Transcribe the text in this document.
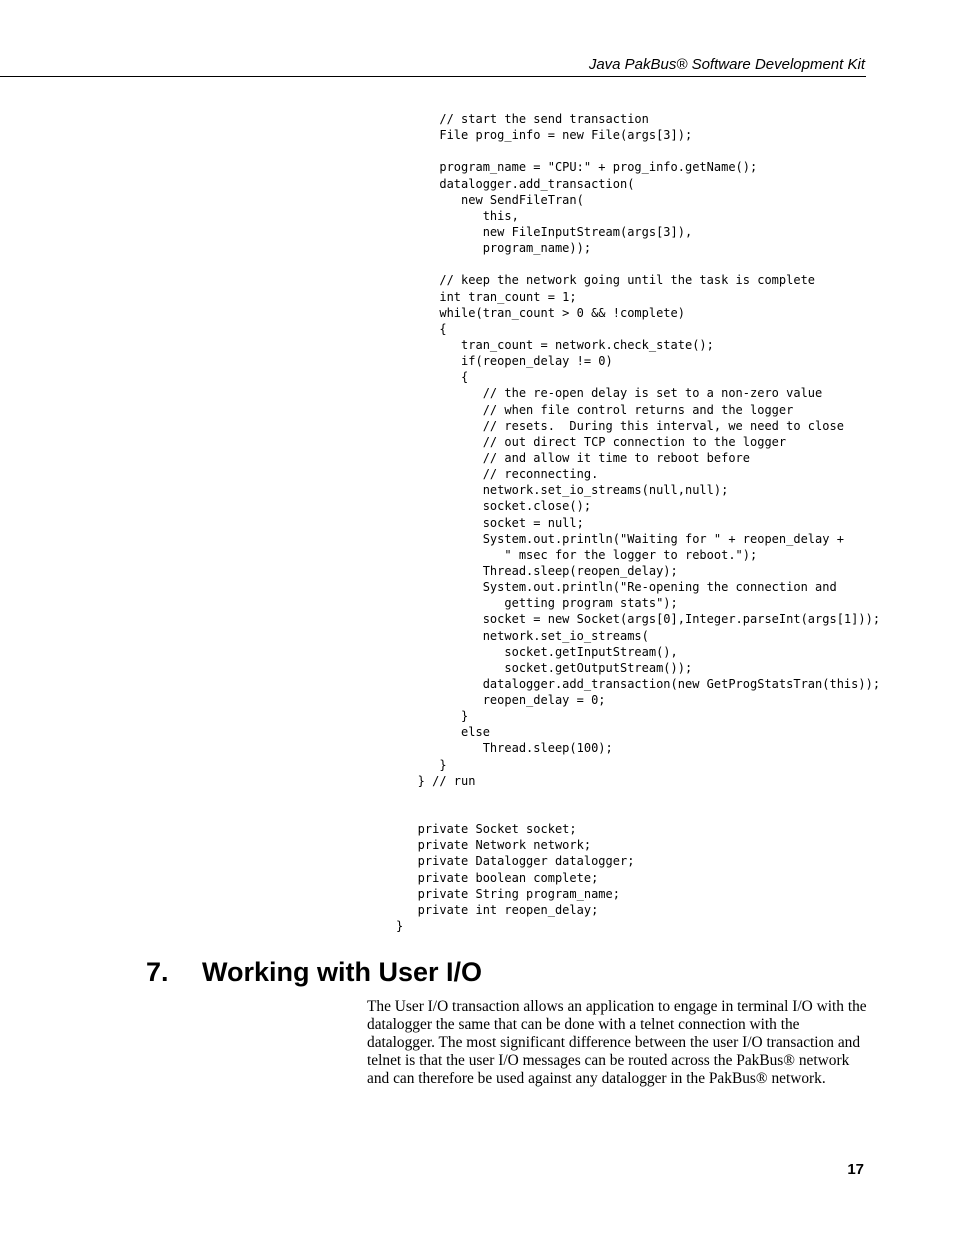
Java PakBus® Software Development Kit
// start the send transaction
File prog_info = new File(args[3]);
program_name = "CPU:" + prog_info.getName();
datalogger.add_transaction(
new SendFileTran(
this,
new FileInputStream(args[3]),
program_name));
// keep the network going until the task is complete
int tran_count = 1;
while(tran_count > 0 && !complete)
{
tran_count = network.check_state();
if(reopen_delay != 0)
{
// the re-open delay is set to a non-zero value
// when file control returns and the logger
// resets.  During this interval, we need to close
// out direct TCP connection to the logger
// and allow it time to reboot before
// reconnecting.
network.set_io_streams(null,null);
socket.close();
socket = null;
System.out.println("Waiting for " + reopen_delay +
" msec for the logger to reboot.");
Thread.sleep(reopen_delay);
System.out.println("Re-opening the connection and
getting program stats");
socket = new Socket(args[0],Integer.parseInt(args[1]));
network.set_io_streams(
socket.getInputStream(),
socket.getOutputStream());
datalogger.add_transaction(new GetProgStatsTran(this));
reopen_delay = 0;
}
else
Thread.sleep(100);
}
} // run
private Socket socket;
private Network network;
private Datalogger datalogger;
private boolean complete;
private String program_name;
private int reopen_delay;
}
7. Working with User I/O

The User I/O transaction allows an application to engage in terminal I/O with the datalogger the same that can be done with a telnet connection with the datalogger. The most significant difference between the user I/O transaction and telnet is that the user I/O messages can be routed across the PakBus® network and can therefore be used against any datalogger in the PakBus® network.

17
